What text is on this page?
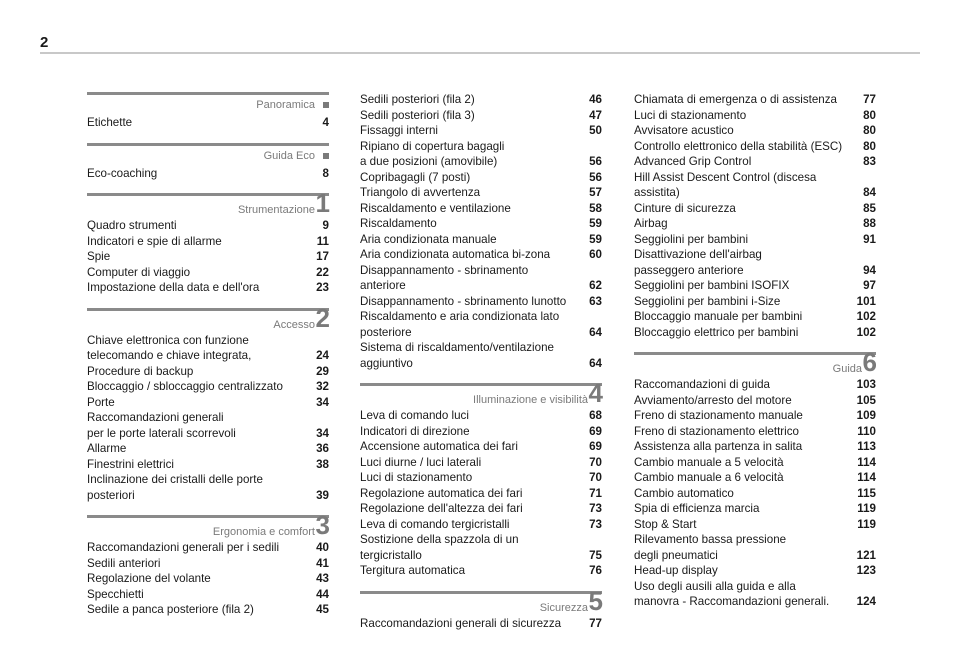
2
Panoramica
Etichette	4
Guida Eco
Eco-coaching	8
Strumentazione 1
Quadro strumenti	9
Indicatori e spie di allarme	11
Spie	17
Computer di viaggio	22
Impostazione della data e dell'ora	23
Accesso 2
Chiave elettronica con funzione
telecomando e chiave integrata,	24
Procedure di backup	29
Bloccaggio / sbloccaggio centralizzato	32
Porte	34
Raccomandazioni generali
per le porte laterali scorrevoli	34
Allarme	36
Finestrini elettrici	38
Inclinazione dei cristalli delle porte posteriori	39
Ergonomia e comfort 3
Raccomandazioni generali per i sedili	40
Sedili anteriori	41
Regolazione del volante	43
Specchietti	44
Sedile a panca posteriore (fila 2)	45
Sedili posteriori (fila 2)	46
Sedili posteriori (fila 3)	47
Fissaggi interni	50
Ripiano di copertura bagagli
a due posizioni (amovibile)	56
Copribagagli (7 posti)	56
Triangolo di avvertenza	57
Riscaldamento e ventilazione	58
Riscaldamento	59
Aria condizionata manuale	59
Aria condizionata automatica bi-zona	60
Disappannamento - sbrinamento anteriore	62
Disappannamento - sbrinamento lunotto	63
Riscaldamento e aria condizionata lato
posteriore	64
Sistema di riscaldamento/ventilazione
aggiuntivo	64
Illuminazione e visibilità 4
Leva di comando luci	68
Indicatori di direzione	69
Accensione automatica dei fari	69
Luci diurne / luci laterali	70
Luci di stazionamento	70
Regolazione automatica dei fari	71
Regolazione dell'altezza dei fari	73
Leva di comando tergicristalli	73
Sostizione della spazzola di un tergicristallo	75
Tergitura automatica	76
Sicurezza 5
Raccomandazioni generali di sicurezza	77
Chiamata di emergenza o di assistenza	77
Luci di stazionamento	80
Avvisatore acustico	80
Controllo elettronico della stabilità (ESC)	80
Advanced Grip Control	83
Hill Assist Descent Control (discesa assistita)	84
Cinture di sicurezza	85
Airbag	88
Seggiolini per bambini	91
Disattivazione dell'airbag
passeggero anteriore	94
Seggiolini per bambini ISOFIX	97
Seggiolini per bambini i-Size	101
Bloccaggio manuale per bambini	102
Bloccaggio elettrico per bambini	102
Guida 6
Raccomandazioni di guida	103
Avviamento/arresto del motore	105
Freno di stazionamento manuale	109
Freno di stazionamento elettrico	110
Assistenza alla partenza in salita	113
Cambio manuale a 5 velocità	114
Cambio manuale a 6 velocità	114
Cambio automatico	115
Spia di efficienza marcia	119
Stop & Start	119
Rilevamento bassa pressione
degli pneumatici	121
Head-up display	123
Uso degli ausili alla guida e alla
manovra - Raccomandazioni generali.	124
